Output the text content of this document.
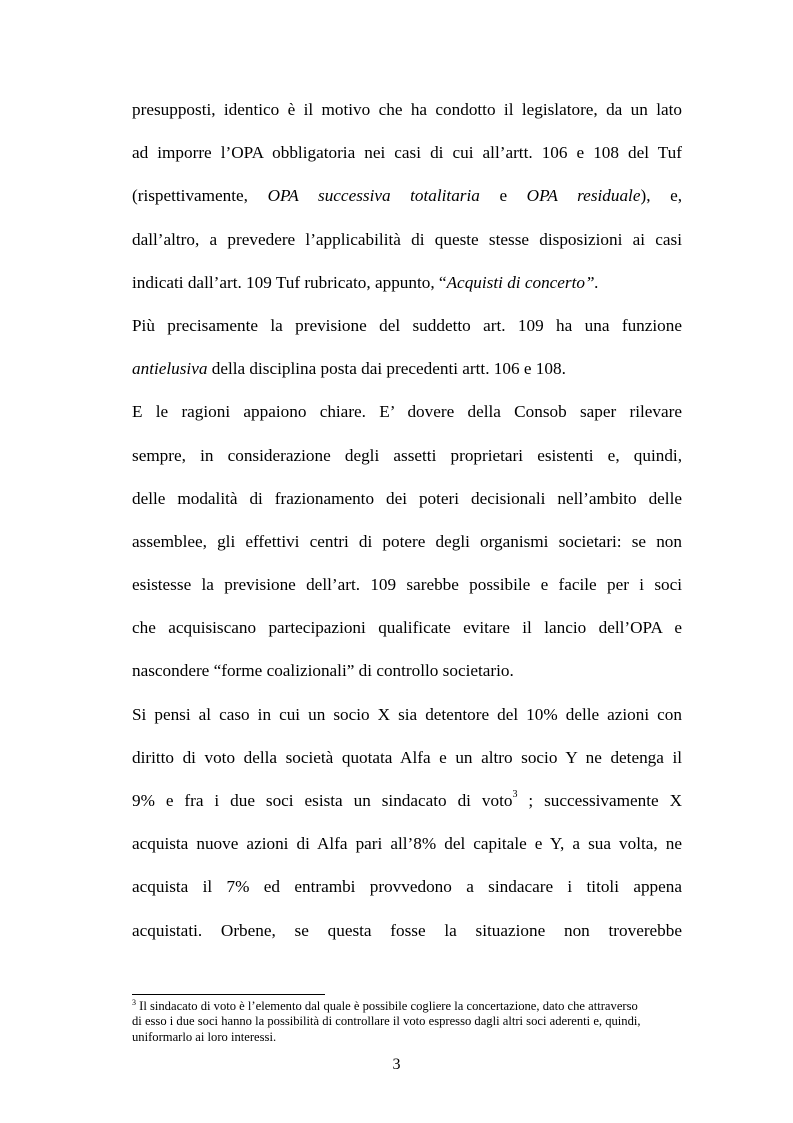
presupposti, identico è il motivo che ha condotto il legislatore, da un lato
ad imporre l’OPA obbligatoria nei casi di cui all’artt. 106 e 108 del Tuf
(rispettivamente, OPA successiva totalitaria e OPA residuale), e,
dall’altro, a prevedere l’applicabilità di queste stesse disposizioni ai casi
indicati dall’art. 109 Tuf rubricato, appunto, “Acquisti di concerto”.
Più precisamente la previsione del suddetto art. 109 ha una funzione
antielusiva della disciplina posta dai precedenti artt. 106 e 108.
E le ragioni appaiono chiare. E’ dovere della Consob saper rilevare
sempre, in considerazione degli assetti proprietari esistenti e, quindi,
delle modalità di frazionamento dei poteri decisionali nell’ambito delle
assemblee, gli effettivi centri di potere degli organismi societari: se non
esistesse la previsione dell’art. 109 sarebbe possibile e facile per i soci
che acquisiscano partecipazioni qualificate evitare il lancio dell’OPA e
nascondere “forme coalizionali” di controllo societario.
Si pensi al caso in cui un socio X sia detentore del 10% delle azioni con
diritto di voto della società quotata Alfa e un altro socio Y ne detenga il
9% e fra i due soci esista un sindacato di voto$^3$ ; successivamente X
acquista nuove azioni di Alfa pari all’8% del capitale e Y, a sua volta, ne
acquista il 7% ed entrambi provvedono a sindacare i titoli appena
acquistati. Orbene, se questa fosse la situazione non troverebbe
$^3$ Il sindacato di voto è l’elemento dal quale è possibile cogliere la concertazione, dato che attraverso
di esso i due soci hanno la possibilità di controllare il voto espresso dagli altri soci aderenti e, quindi,
uniformarlo ai loro interessi.
3
